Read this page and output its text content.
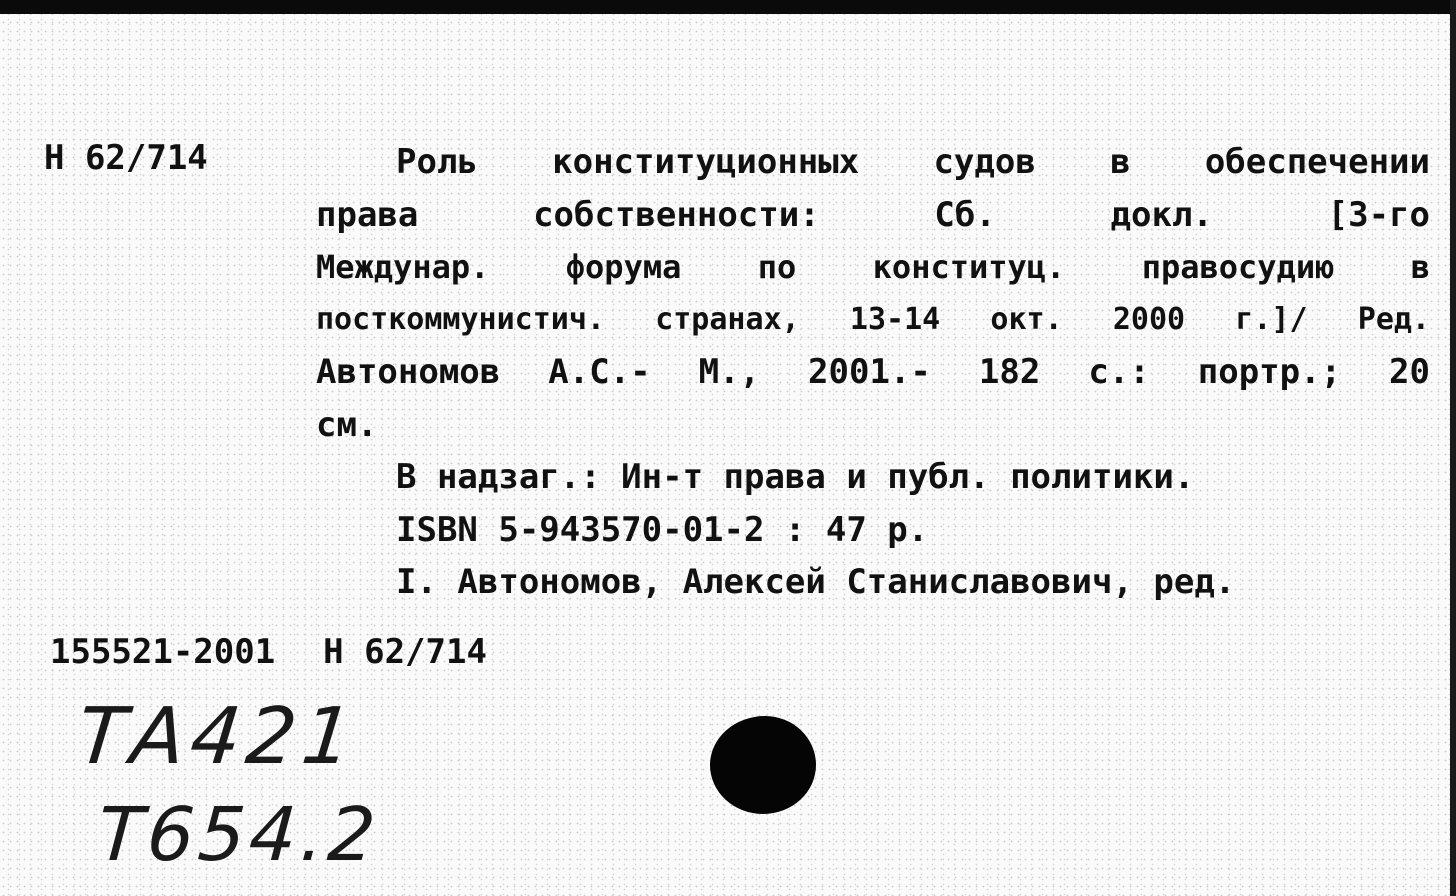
Н 62/714	Роль конституционных судов в обеспечении
права собственности: Сб. докл. [3-го
Междунар. форума по конституц. правосудию в
посткоммунистич. странах, 13-14 окт. 2000 г.]/ Ред.
Автономов А.С.- М., 2001.- 182 с.: портр.; 20
см.
В надзаг.: Ин-т права и публ. политики.
ISBN 5-943570-01-2 : 47 р.
I. Автономов, Алексей Станиславович, ред.
155521-2001 Н 62/714
ТА421
Т654.2
